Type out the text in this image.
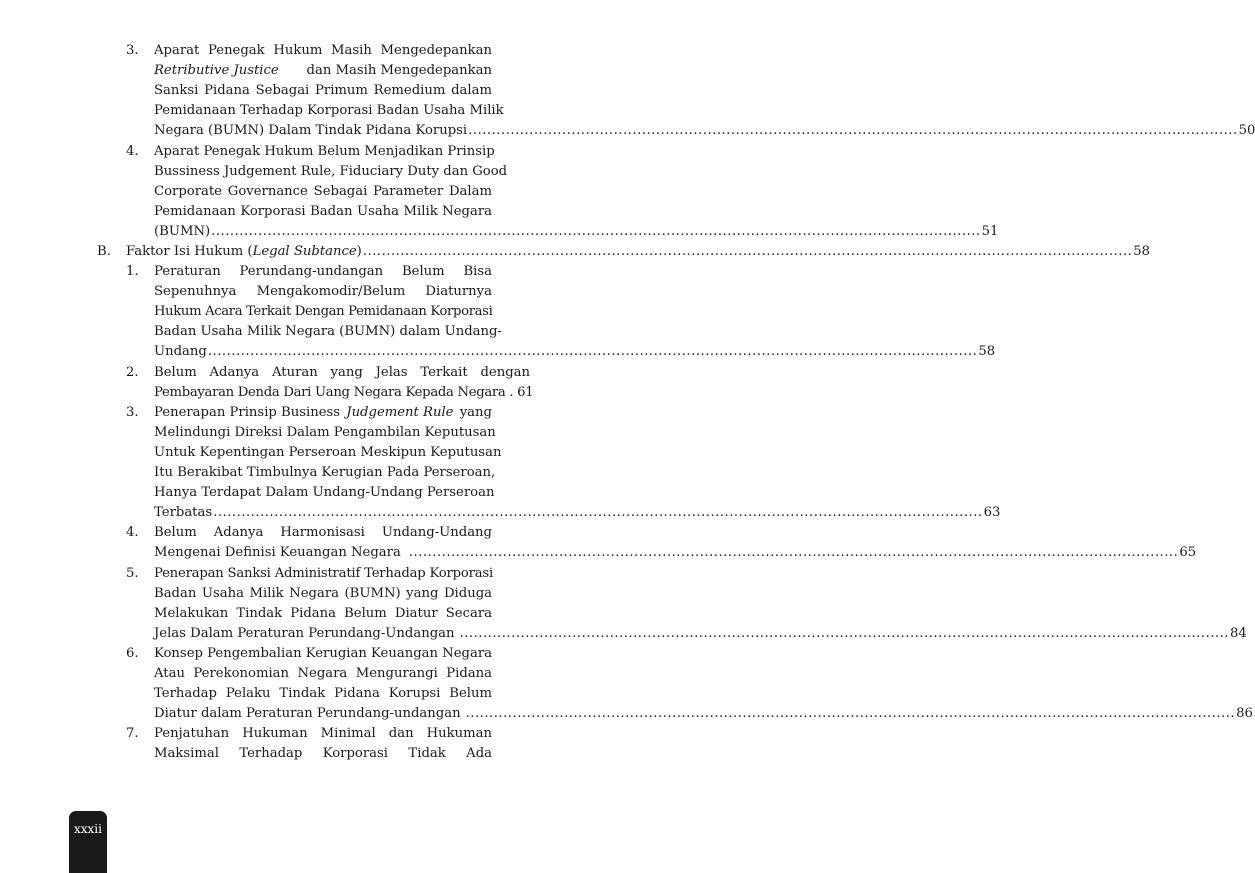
3. Aparat Penegak Hukum Masih Mengedepankan
Retributive Justice dan Masih Mengedepankan
Sanksi Pidana Sebagai Primum Remedium dalam
Pemidanaan Terhadap Korporasi Badan Usaha Milik
Negara (BUMN) Dalam Tindak Pidana Korupsi .................................................................................................................................................................... 50
4. Aparat Penegak Hukum Belum Menjadikan Prinsip
Bussiness Judgement Rule, Fiduciary Duty dan Good
Corporate Governance Sebagai Parameter Dalam
Pemidanaan Korporasi Badan Usaha Milik Negara
(BUMN) .................................................................................................................................................................... 51
B. Faktor Isi Hukum (Legal Subtance) .................................................................................................................................................................... 58
1. Peraturan Perundang-undangan Belum Bisa
Sepenuhnya Mengakomodir/Belum Diaturnya
Hukum Acara Terkait Dengan Pemidanaan Korporasi
Badan Usaha Milik Negara (BUMN) dalam Undang-
Undang .................................................................................................................................................................... 58
2. Belum Adanya Aturan yang Jelas Terkait dengan
Pembayaran Denda Dari Uang Negara Kepada Negara . 61
3. Penerapan Prinsip Business Judgement Rule yang
Melindungi Direksi Dalam Pengambilan Keputusan
Untuk Kepentingan Perseroan Meskipun Keputusan
Itu Berakibat Timbulnya Kerugian Pada Perseroan,
Hanya Terdapat Dalam Undang-Undang Perseroan
Terbatas .................................................................................................................................................................... 63
4. Belum Adanya Harmonisasi Undang-Undang
Mengenai Definisi Keuangan Negara .................................................................................................................................................................... 65
5. Penerapan Sanksi Administratif Terhadap Korporasi
Badan Usaha Milik Negara (BUMN) yang Diduga
Melakukan Tindak Pidana Belum Diatur Secara
Jelas Dalam Peraturan Perundang-Undangan .................................................................................................................................................................... 84
6. Konsep Pengembalian Kerugian Keuangan Negara
Atau Perekonomian Negara Mengurangi Pidana
Terhadap Pelaku Tindak Pidana Korupsi Belum
Diatur dalam Peraturan Perundang-undangan .................................................................................................................................................................... 86
7. Penjatuhan Hukuman Minimal dan Hukuman
Maksimal Terhadap Korporasi Tidak Ada
xxxii
